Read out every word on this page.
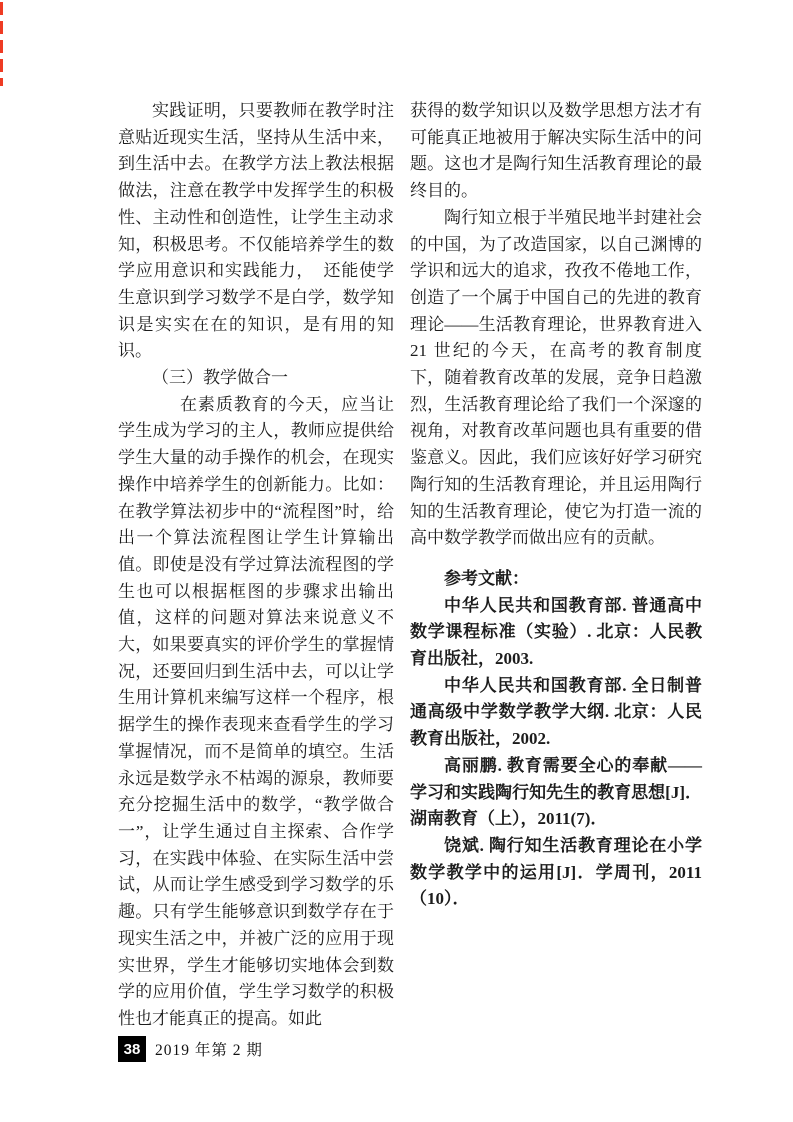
实践证明，只要教师在教学时注意贴近现实生活，坚持从生活中来，到生活中去。在教学方法上教法根据做法，注意在教学中发挥学生的积极性、主动性和创造性，让学生主动求知，积极思考。不仅能培养学生的数学应用意识和实践能力，　还能使学生意识到学习数学不是白学，数学知识是实实在在的知识，是有用的知识。

（三）教学做合一

在素质教育的今天，应当让学生成为学习的主人，教师应提供给学生大量的动手操作的机会，在现实操作中培养学生的创新能力。比如：在教学算法初步中的“流程图”时，给出一个算法流程图让学生计算输出值。即使是没有学过算法流程图的学生也可以根据框图的步骤求出输出值，这样的问题对算法来说意义不大，如果要真实的评价学生的掌握情况，还要回归到生活中去，可以让学生用计算机来编写这样一个程序，根据学生的操作表现来查看学生的学习掌握情况，而不是简单的填空。生活永远是数学永不枯竭的源泉，教师要充分挖掘生活中的数学，“教学做合一”，让学生通过自主探索、合作学习，在实践中体验、在实际生活中尝试，从而让学生感受到学习数学的乐趣。只有学生能够意识到数学存在于现实生活之中，并被广泛的应用于现实世界，学生才能够切实地体会到数学的应用价值，学生学习数学的积极性也才能真正的提高。如此

获得的数学知识以及数学思想方法才有可能真正地被用于解决实际生活中的问题。这也才是陶行知生活教育理论的最终目的。

陶行知立根于半殖民地半封建社会的中国，为了改造国家，以自己渊博的学识和远大的追求，孜孜不倦地工作，创造了一个属于中国自己的先进的教育理论——生活教育理论，世界教育进入21 世纪的今天，在高考的教育制度下，随着教育改革的发展，竞争日趋激烈，生活教育理论给了我们一个深邃的视角，对教育改革问题也具有重要的借鉴意义。因此，我们应该好好学习研究陶行知的生活教育理论，并且运用陶行知的生活教育理论，使它为打造一流的高中数学教学而做出应有的贡献。

参考文献：

中华人民共和国教育部. 普通高中数学课程标准（实验）. 北京：人民教育出版社，2003.

中华人民共和国教育部. 全日制普通高级中学数学教学大纲. 北京：人民教育出版社，2002.

高丽鹏. 教育需要全心的奉献——学习和实践陶行知先生的教育思想[J]．湖南教育（上），2011(7)．

饶斌. 陶行知生活教育理论在小学数学教学中的运用[J]．学周刊，2011（10）．

38 2019 年第 2 期
